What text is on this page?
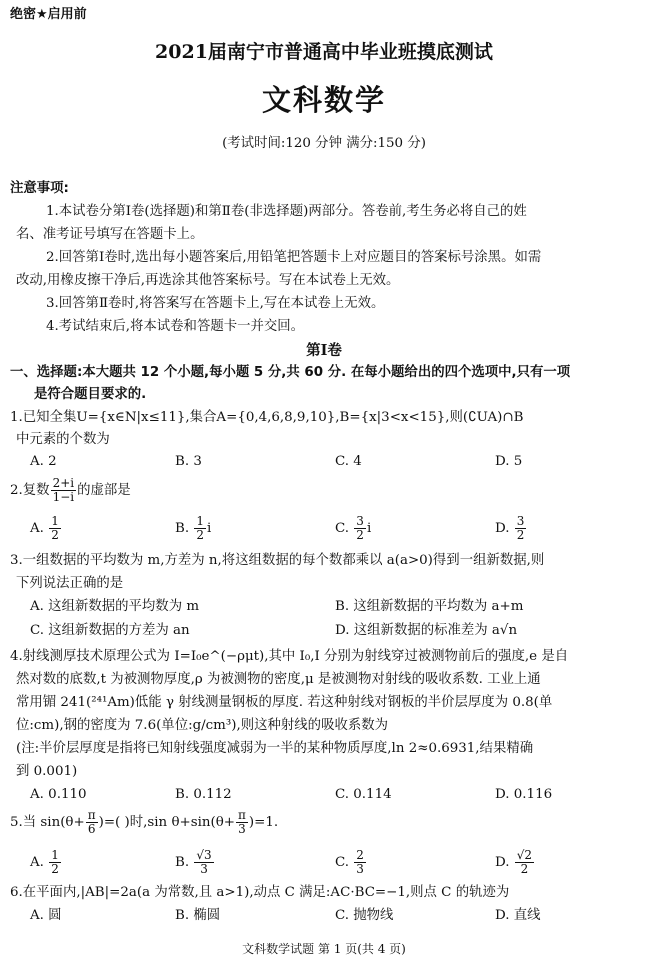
绝密★启用前
2021届南宁市普通高中毕业班摸底测试
文科数学
(考试时间:120 分钟 满分:150 分)
注意事项:
1.本试卷分第Ⅰ卷(选择题)和第Ⅱ卷(非选择题)两部分。答卷前,考生务必将自己的姓
名、准考证号填写在答题卡上。
2.回答第Ⅰ卷时,选出每小题答案后,用铅笔把答题卡上对应题目的答案标号涂黑。如需
改动,用橡皮擦干净后,再选涂其他答案标号。写在本试卷上无效。
3.回答第Ⅱ卷时,将答案写在答题卡上,写在本试卷上无效。
4.考试结束后,将本试卷和答题卡一并交回。
第Ⅰ卷
一、选择题:本大题共 12 个小题,每小题 5 分,共 60 分. 在每小题给出的四个选项中,只有一项
是符合题目要求的.
1.已知全集U={x∈N|x≤11},集合A={0,4,6,8,9,10},B={x|3<x<15},则(∁UA)∩B
中元素的个数为
A. 2	B. 3	C. 4	D. 5
2.复数 $\frac{2+i}{1-i}$ 的虚部是
A. $\frac{1}{2}$	B. $\frac{1}{2}$ i	C. $\frac{3}{2}$ i	D. $\frac{3}{2}$
3.一组数据的平均数为 m,方差为 n,将这组数据的每个数都乘以 a(a>0)得到一组新数据,则
下列说法正确的是
A. 这组新数据的平均数为 m	B. 这组新数据的平均数为 a+m
C. 这组新数据的方差为 an	D. 这组新数据的标准差为 a√n
4.射线测厚技术原理公式为 I=I₀e^(−ρμt),其中 I₀,I 分别为射线穿过被测物前后的强度,e 是自
然对数的底数,t 为被测物厚度,ρ 为被测物的密度,μ 是被测物对射线的吸收系数. 工业上通
常用镅 241(²⁴¹Am)低能 γ 射线测量钢板的厚度. 若这种射线对钢板的半价层厚度为 0.8(单
位:cm),钢的密度为 7.6(单位:g/cm³),则这种射线的吸收系数为
(注:半价层厚度是指将已知射线强度减弱为一半的某种物质厚度,ln 2≈0.6931,结果精确
到 0.001)
A. 0.110	B. 0.112	C. 0.114	D. 0.116
5.当 $\sin(\theta+ \frac{\pi}{6}$ )=( )时,sin $\theta+\sin(\theta+ \frac{\pi}{3} )=1$.
A. $\frac{1}{2}$	B. $\frac{√3}{3}$	C. $\frac{2}{3}$	D. $\frac{√2}{2}$
6.在平面内,|AB|=2a(a 为常数,且 a>1),动点 C 满足:AC·BC=−1,则点 C 的轨迹为
A. 圆	B. 椭圆	C. 抛物线	D. 直线
文科数学试题 第 1 页(共 4 页)
